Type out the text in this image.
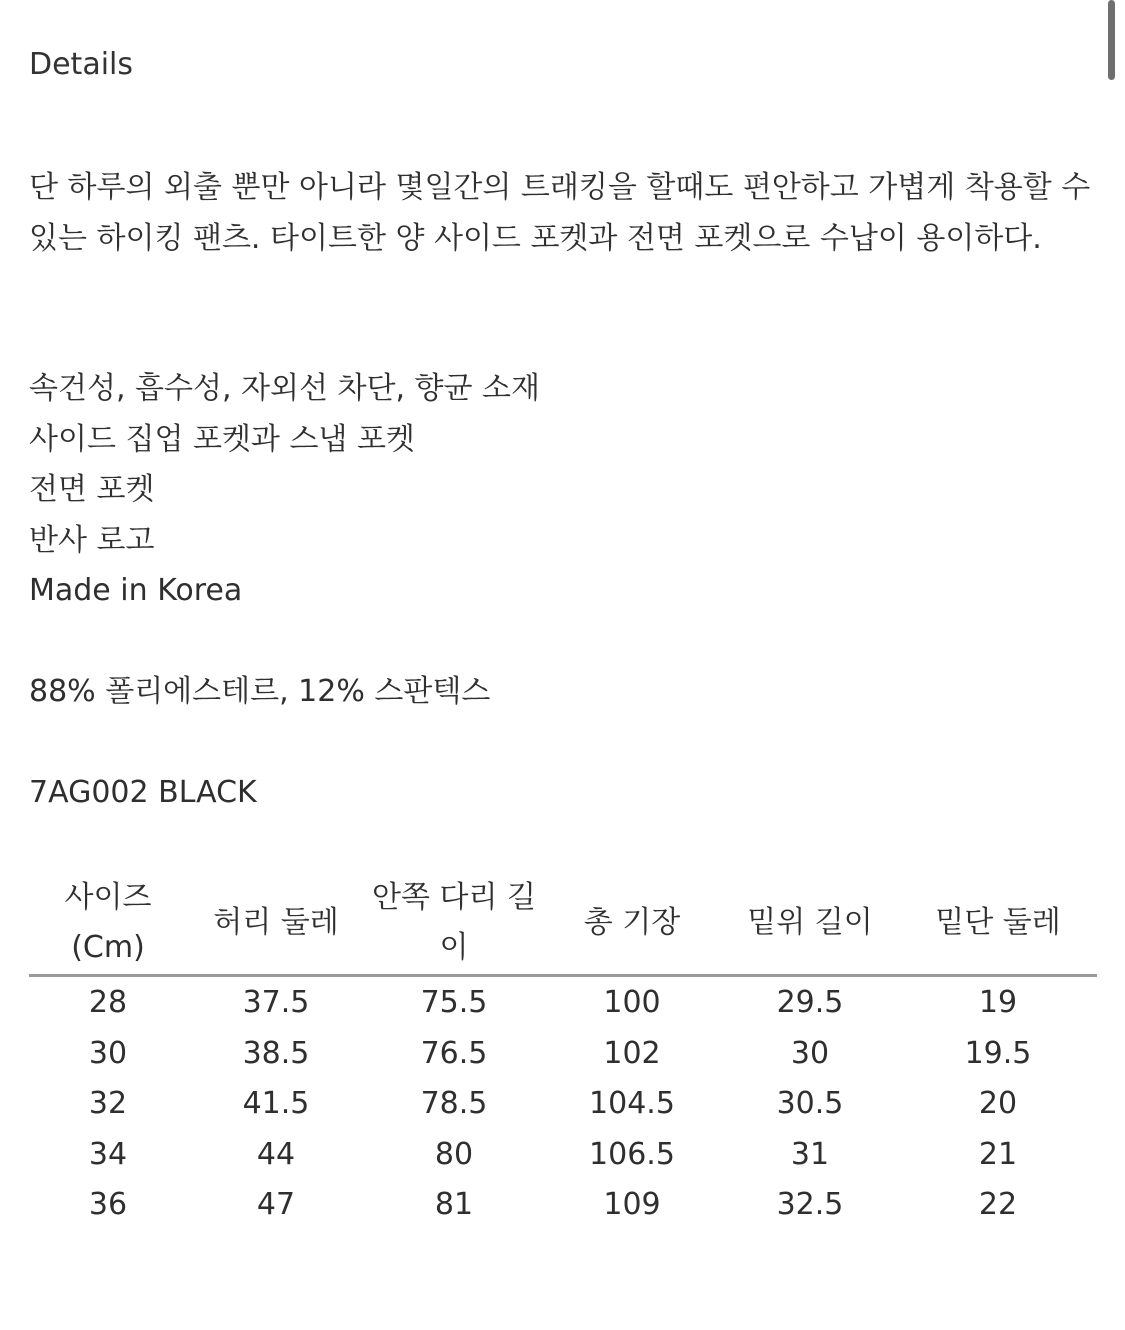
Details

단 하루의 외출 뿐만 아니라 몇일간의 트래킹을 할때도 편안하고 가볍게 착용할 수 있는 하이킹 팬츠. 타이트한 양 사이드 포켓과 전면 포켓으로 수납이 용이하다.

속건성, 흡수성, 자외선 차단, 향균 소재
사이드 집업 포켓과 스냅 포켓
전면 포켓
반사 로고
Made in Korea

88% 폴리에스테르, 12% 스판텍스

7AG002 BLACK

사이즈 (Cm)	허리 둘레	안쪽 다리 길이	총 기장	밑위 길이	밑단 둘레
28	37.5	75.5	100	29.5	19
30	38.5	76.5	102	30	19.5
32	41.5	78.5	104.5	30.5	20
34	44	80	106.5	31	21
36	47	81	109	32.5	22
